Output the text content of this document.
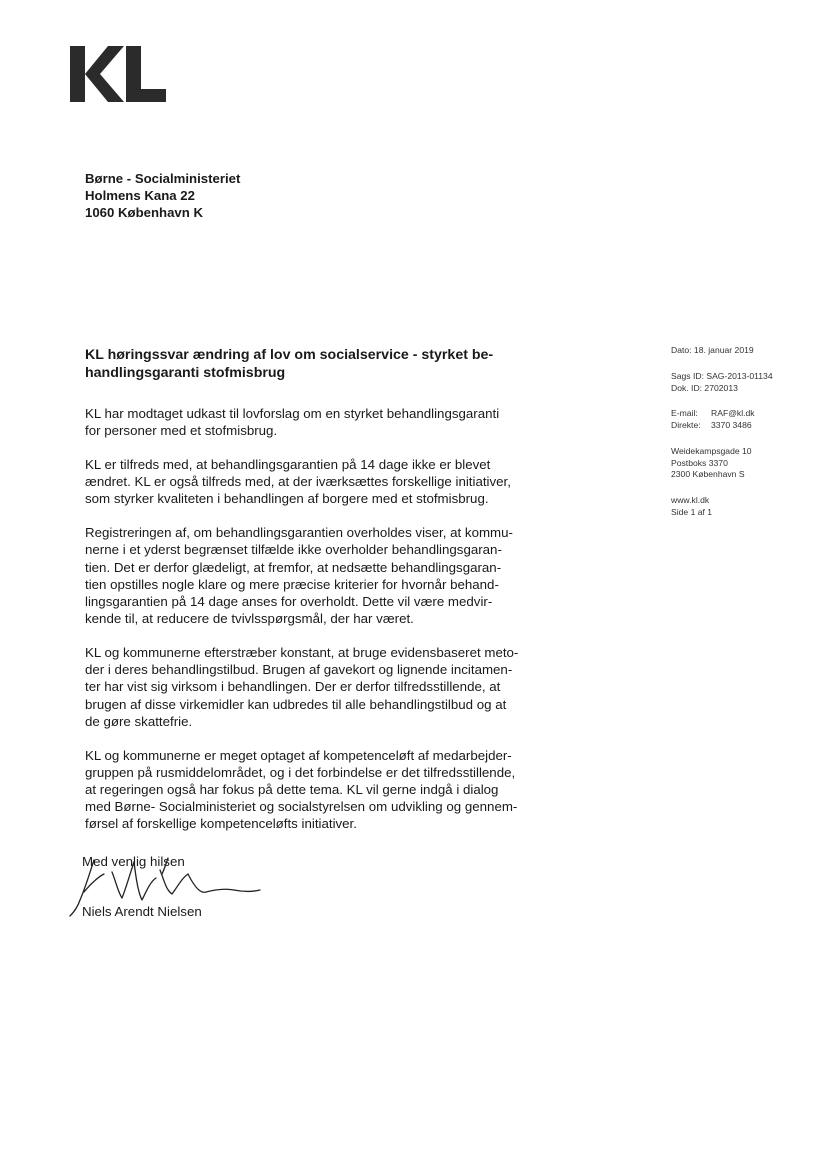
Børne - Socialministeriet
Holmens Kana 22
1060 København K
KL høringssvar ændring af lov om socialservice - styrket be-
handlingsgaranti stofmisbrug
KL har modtaget udkast til lovforslag om en styrket behandlingsgaranti
for personer med et stofmisbrug.
KL er tilfreds med, at behandlingsgarantien på 14 dage ikke er blevet
ændret. KL er også tilfreds med, at der iværksættes forskellige initiativer,
som styrker kvaliteten i behandlingen af borgere med et stofmisbrug.
Registreringen af, om behandlingsgarantien overholdes viser, at kommu-
nerne i et yderst begrænset tilfælde ikke overholder behandlingsgaran-
tien. Det er derfor glædeligt, at fremfor, at nedsætte behandlingsgaran-
tien opstilles nogle klare og mere præcise kriterier for hvornår behand-
lingsgarantien på 14 dage anses for overholdt. Dette vil være medvir-
kende til, at reducere de tvivlsspørgsmål, der har været.
KL og kommunerne efterstræber konstant, at bruge evidensbaseret meto-
der i deres behandlingstilbud. Brugen af gavekort og lignende incitamen-
ter har vist sig virksom i behandlingen. Der er derfor tilfredsstillende, at
brugen af disse virkemidler kan udbredes til alle behandlingstilbud og at
de gøre skattefrie.
KL og kommunerne er meget optaget af kompetenceløft af medarbejder-
gruppen på rusmiddelområdet, og i det forbindelse er det tilfredsstillende,
at regeringen også har fokus på dette tema. KL vil gerne indgå i dialog
med Børne- Socialministeriet og socialstyrelsen om udvikling og gennem-
førsel af forskellige kompetenceløfts initiativer.
Med venlig hilsen
Niels Arendt Nielsen
Dato: 18. januar 2019
Sags ID: SAG-2013-01134
Dok. ID: 2702013
E-mail: RAF@kl.dk
Direkte: 3370 3486
Weidekampsgade 10
Postboks 3370
2300 København S
www.kl.dk
Side 1 af 1
